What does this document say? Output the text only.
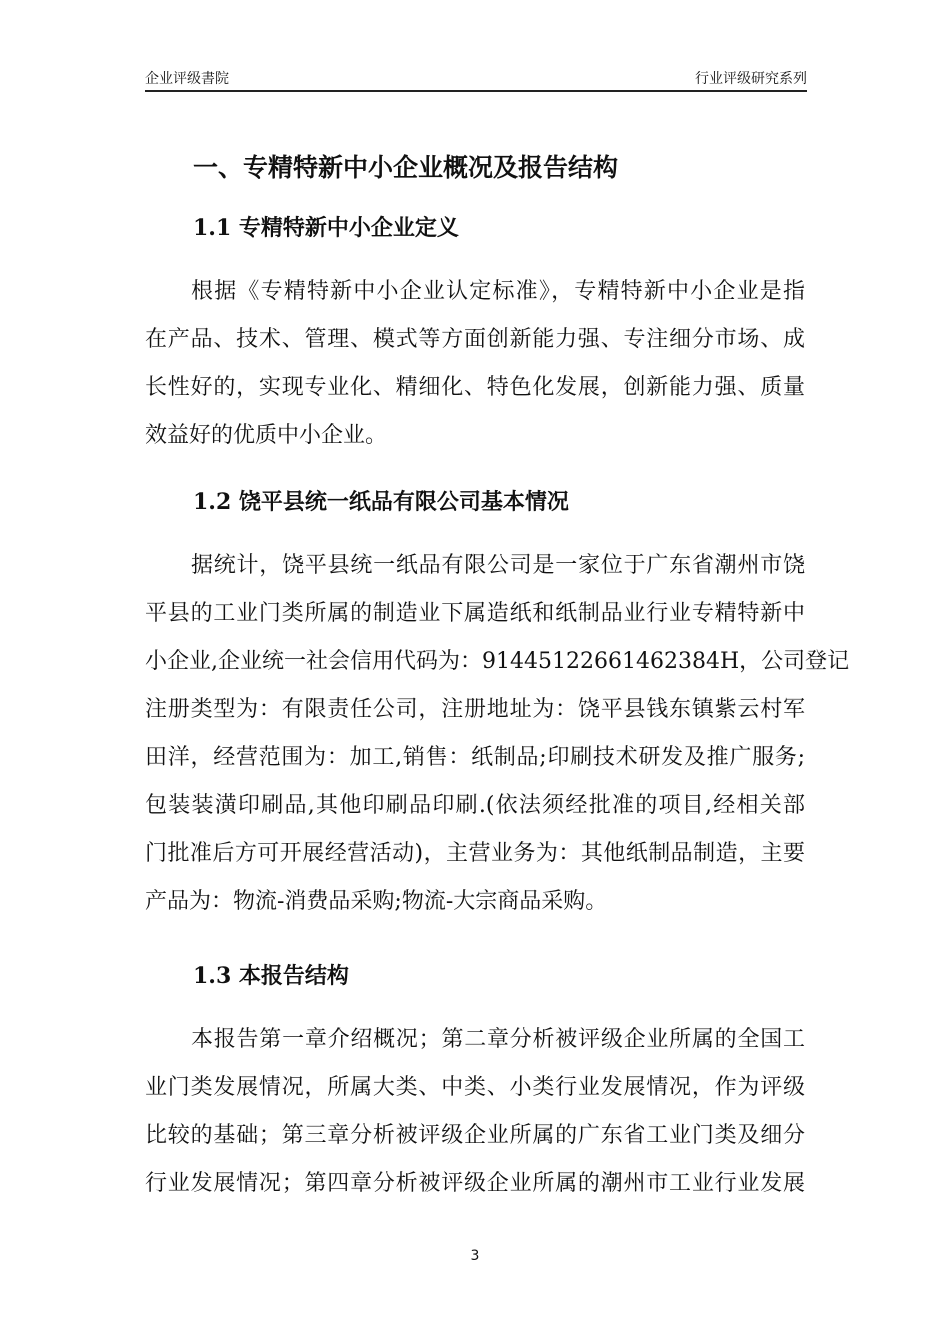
企业评级書院	行业评级研究系列
一、专精特新中小企业概况及报告结构
1.1 专精特新中小企业定义
根据《专精特新中小企业认定标准》，专精特新中小企业是指
在产品、技术、管理、模式等方面创新能力强、专注细分市场、成
长性好的，实现专业化、精细化、特色化发展，创新能力强、质量
效益好的优质中小企业。
1.2 饶平县统一纸品有限公司基本情况
据统计，饶平县统一纸品有限公司是一家位于广东省潮州市饶
平县的工业门类所属的制造业下属造纸和纸制品业行业专精特新中
小企业,企业统一社会信用代码为：91445122661462384H，公司登记
注册类型为：有限责任公司，注册地址为：饶平县钱东镇紫云村军
田洋，经营范围为：加工,销售：纸制品;印刷技术研发及推广服务;
包装装潢印刷品,其他印刷品印刷.(依法须经批准的项目,经相关部
门批准后方可开展经营活动)，主营业务为：其他纸制品制造，主要
产品为：物流-消费品采购;物流-大宗商品采购。
1.3 本报告结构
本报告第一章介绍概况；第二章分析被评级企业所属的全国工
业门类发展情况，所属大类、中类、小类行业发展情况，作为评级
比较的基础；第三章分析被评级企业所属的广东省工业门类及细分
行业发展情况；第四章分析被评级企业所属的潮州市工业行业发展
3
